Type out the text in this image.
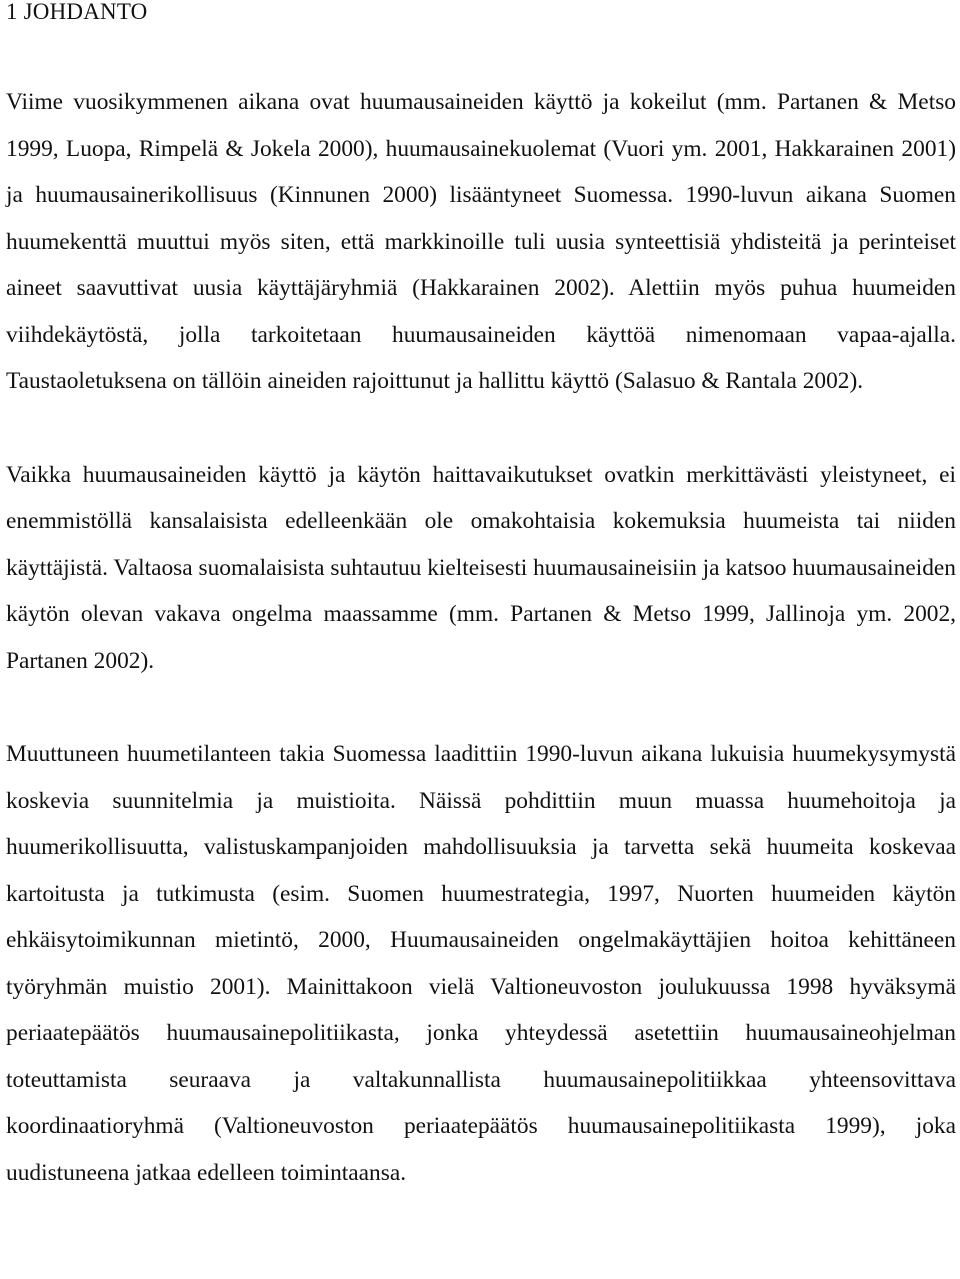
1 JOHDANTO

Viime vuosikymmenen aikana ovat huumausaineiden käyttö ja kokeilut (mm. Partanen & Metso 1999, Luopa, Rimpelä & Jokela 2000), huumausainekuolemat (Vuori ym. 2001, Hakkarainen 2001) ja huumausainerikollisuus (Kinnunen 2000) lisääntyneet Suomessa. 1990-luvun aikana Suomen huumekenttä muuttui myös siten, että markkinoille tuli uusia synteettisiä yhdisteitä ja perinteiset aineet saavuttivat uusia käyttäjäryhmiä (Hakkarainen 2002). Alettiin myös puhua huumeiden viihdekäytöstä, jolla tarkoitetaan huumausaineiden käyttöä nimenomaan vapaa-ajalla. Taustaoletuksena on tällöin aineiden rajoittunut ja hallittu käyttö (Salasuo & Rantala 2002).

Vaikka huumausaineiden käyttö ja käytön haittavaikutukset ovatkin merkittävästi yleistyneet, ei enemmistöllä kansalaisista edelleenkään ole omakohtaisia kokemuksia huumeista tai niiden käyttäjistä. Valtaosa suomalaisista suhtautuu kielteisesti huumausaineisiin ja katsoo huumausaineiden käytön olevan vakava ongelma maassamme (mm. Partanen & Metso 1999, Jallinoja ym. 2002, Partanen 2002).

Muuttuneen huumetilanteen takia Suomessa laadittiin 1990-luvun aikana lukuisia huumekysymystä koskevia suunnitelmia ja muistioita. Näissä pohdittiin muun muassa huumehoitoja ja huumerikollisuutta, valistuskampanjoiden mahdollisuuksia ja tarvetta sekä huumeita koskevaa kartoitusta ja tutkimusta (esim. Suomen huumestrategia, 1997, Nuorten huumeiden käytön ehkäisytoimikunnan mietintö, 2000, Huumausaineiden ongelmakäyttäjien hoitoa kehittäneen työryhmän muistio 2001). Mainittakoon vielä Valtioneuvoston joulukuussa 1998 hyväksymä periaatepäätös huumausainepolitiikasta, jonka yhteydessä asetettiin huumausaineohjelman toteuttamista seuraava ja valtakunnallista huumausainepolitiikkaa yhteensovittava koordinaatioryhmä (Valtioneuvoston periaatepäätös huumausainepolitiikasta 1999), joka uudistuneena jatkaa edelleen toimintaansa.
